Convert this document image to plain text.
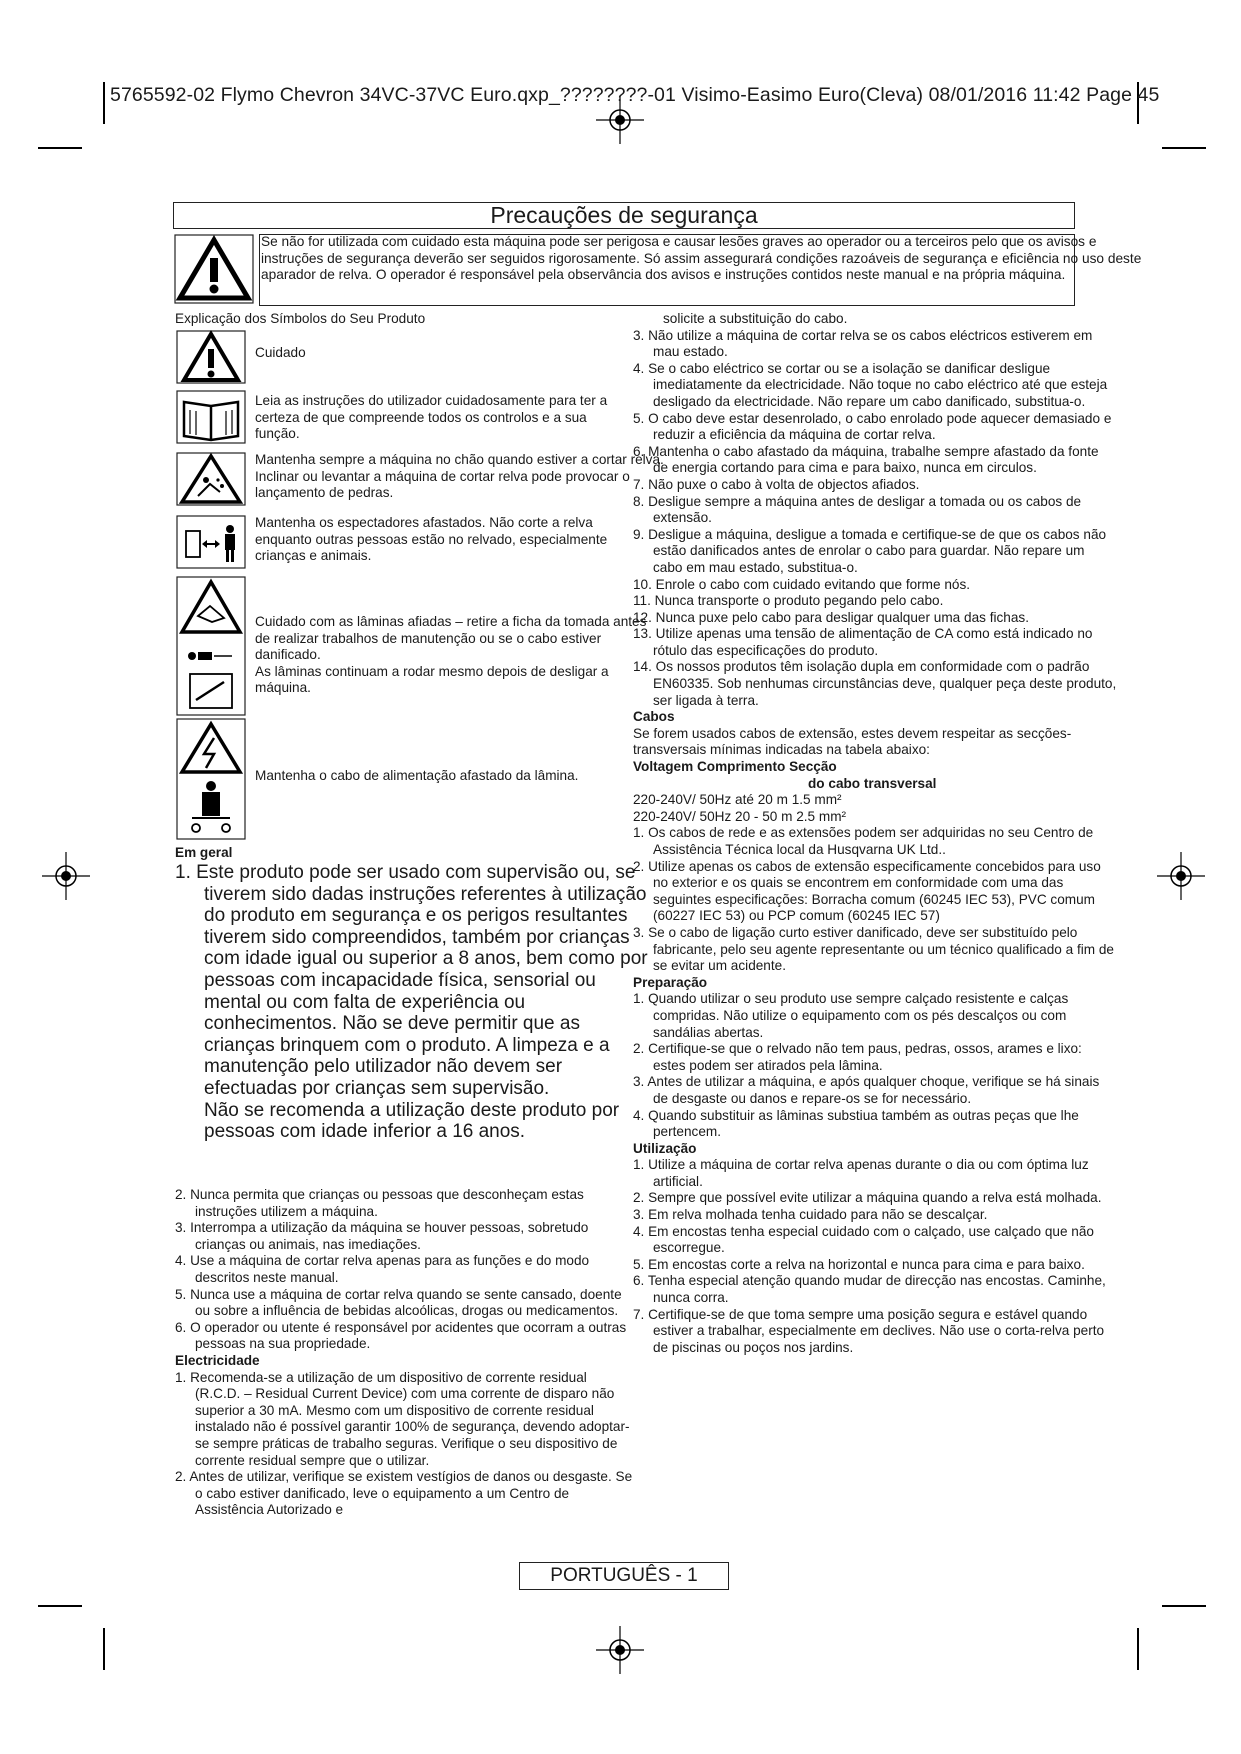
5765592-02 Flymo Chevron 34VC-37VC Euro.qxp_????????-01 Visimo-Easimo Euro(Cleva) 08/01/2016 11:42 Page 45
Precauções de segurança
Se não for utilizada com cuidado esta máquina pode ser perigosa e causar lesões graves ao operador ou a terceiros pelo que os avisos e instruções de segurança deverão ser seguidos rigorosamente. Só assim assegurará condições razoáveis de segurança e eficiência no uso deste aparador de relva. O operador é responsável pela observância dos avisos e instruções contidos neste manual e na própria máquina.
Explicação dos Símbolos do Seu Produto
Cuidado
Leia as instruções do utilizador cuidadosamente para ter a certeza de que compreende todos os controlos e a sua função.
Mantenha sempre a máquina no chão quando estiver a cortar relva. Inclinar ou levantar a máquina de cortar relva pode provocar o lançamento de pedras.
Mantenha os espectadores afastados. Não corte a relva enquanto outras pessoas estão no relvado, especialmente crianças e animais.
Cuidado com as lâminas afiadas – retire a ficha da tomada antes de realizar trabalhos de manutenção ou se o cabo estiver danificado.
As lâminas continuam a rodar mesmo depois de desligar a máquina.
Mantenha o cabo de alimentação afastado da lâmina.
Em geral

1. Este produto pode ser usado com supervisão ou, se tiverem sido dadas instruções referentes à utilização do produto em segurança e os perigos resultantes tiverem sido compreendidos, também por crianças com idade igual ou superior a 8 anos, bem como por pessoas com incapacidade física, sensorial ou mental ou com falta de experiência ou conhecimentos. Não se deve permitir que as crianças brinquem com o produto. A limpeza e a manutenção pelo utilizador não devem ser efectuadas por crianças sem supervisão.

Não se recomenda a utilização deste produto por pessoas com idade inferior a 16 anos.

2. Nunca permita que crianças ou pessoas que desconheçam estas instruções utilizem a máquina.

3. Interrompa a utilização da máquina se houver pessoas, sobretudo crianças ou animais, nas imediações.

4. Use a máquina de cortar relva apenas para as funções e do modo descritos neste manual.

5. Nunca use a máquina de cortar relva quando se sente cansado, doente ou sobre a influência de bebidas alcoólicas, drogas ou medicamentos.

6. O operador ou utente é responsável por acidentes que ocorram a outras pessoas na sua propriedade.

Electricidade

1. Recomenda-se a utilização de um dispositivo de corrente residual (R.C.D. – Residual Current Device) com uma corrente de disparo não superior a 30 mA. Mesmo com um dispositivo de corrente residual instalado não é possível garantir 100% de segurança, devendo adoptar-se sempre práticas de trabalho seguras. Verifique o seu dispositivo de corrente residual sempre que o utilizar.

2. Antes de utilizar, verifique se existem vestígios de danos ou desgaste. Se o cabo estiver danificado, leve o equipamento a um Centro de Assistência Autorizado e

solicite a substituição do cabo.

3. Não utilize a máquina de cortar relva se os cabos eléctricos estiverem em mau estado.

4. Se o cabo eléctrico se cortar ou se a isolação se danificar desligue imediatamente da electricidade. Não toque no cabo eléctrico até que esteja desligado da electricidade. Não repare um cabo danificado, substitua-o.

5. O cabo deve estar desenrolado, o cabo enrolado pode aquecer demasiado e reduzir a eficiência da máquina de cortar relva.

6. Mantenha o cabo afastado da máquina, trabalhe sempre afastado da fonte de energia cortando para cima e para baixo, nunca em circulos.

7. Não puxe o cabo à volta de objectos afiados.

8. Desligue sempre a máquina antes de desligar a tomada ou os cabos de extensão.

9. Desligue a máquina, desligue a tomada e certifique-se de que os cabos não estão danificados antes de enrolar o cabo para guardar. Não repare um cabo em mau estado, substitua-o.

10. Enrole o cabo com cuidado evitando que forme nós.

11. Nunca transporte o produto pegando pelo cabo.

12. Nunca puxe pelo cabo para desligar qualquer uma das fichas.

13. Utilize apenas uma tensão de alimentação de CA como está indicado no rótulo das especificações do produto.

14. Os nossos produtos têm isolação dupla em conformidade com o padrão EN60335. Sob nenhumas circunstâncias deve, qualquer peça deste produto, ser ligada à terra.

Cabos

Se forem usados cabos de extensão, estes devem respeitar as secções-transversais mínimas indicadas na tabela abaixo:

Voltagem Comprimento Secção

do cabo transversal

220-240V/ 50Hz até 20 m 1.5 mm²

220-240V/ 50Hz 20 - 50 m 2.5 mm²

1. Os cabos de rede e as extensões podem ser adquiridas no seu Centro de Assistência Técnica local da Husqvarna UK Ltd..

2. Utilize apenas os cabos de extensão especificamente concebidos para uso no exterior e os quais se encontrem em conformidade com uma das seguintes especificações: Borracha comum (60245 IEC 53), PVC comum (60227 IEC 53) ou PCP comum (60245 IEC 57)

3. Se o cabo de ligação curto estiver danificado, deve ser substituído pelo fabricante, pelo seu agente representante ou um técnico qualificado a fim de se evitar um acidente.

Preparação

1. Quando utilizar o seu produto use sempre calçado resistente e calças compridas. Não utilize o equipamento com os pés descalços ou com sandálias abertas.

2. Certifique-se que o relvado não tem paus, pedras, ossos, arames e lixo: estes podem ser atirados pela lâmina.

3. Antes de utilizar a máquina, e após qualquer choque, verifique se há sinais de desgaste ou danos e repare-os se for necessário.

4. Quando substituir as lâminas substiua também as outras peças que lhe pertencem.

Utilização

1. Utilize a máquina de cortar relva apenas durante o dia ou com óptima luz artificial.

2. Sempre que possível evite utilizar a máquina quando a relva está molhada.

3. Em relva molhada tenha cuidado para não se descalçar.

4. Em encostas tenha especial cuidado com o calçado, use calçado que não escorregue.

5. Em encostas corte a relva na horizontal e nunca para cima e para baixo.

6. Tenha especial atenção quando mudar de direcção nas encostas. Caminhe, nunca corra.

7. Certifique-se de que toma sempre uma posição segura e estável quando estiver a trabalhar, especialmente em declives. Não use o corta-relva perto de piscinas ou poços nos jardins.

PORTUGUÊS - 1
